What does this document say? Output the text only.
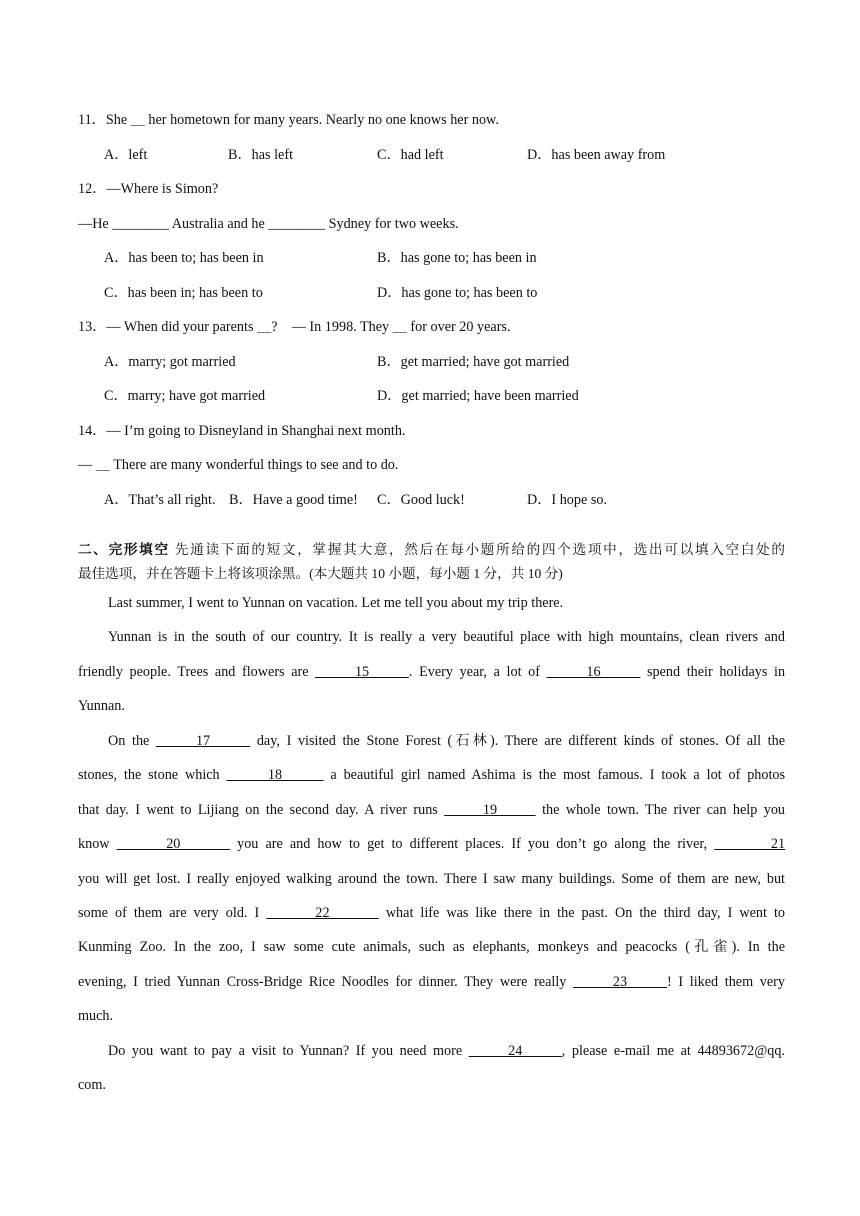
11．She ＿ her hometown for many years. Nearly no one knows her now.
A．left	B．has left	C．had left	D．has been away from
12．—Where is Simon?
—He ________ Australia and he ________ Sydney for two weeks.
A．has been to; has been in	B．has gone to; has been in
C．has been in; has been to	D．has gone to; has been to
13．— When did your parents ＿?　— In 1998. They ＿ for over 20 years.
A．marry; got married	B．get married; have got married
C．marry; have got married	D．get married; have been married
14．— I’m going to Disneyland in Shanghai next month.
— ＿ There are many wonderful things to see and to do.
A．That’s all right. B．Have a good time! C．Good luck!	D．I hope so.
二、完形填空 先通读下面的短文，掌握其大意，然后在每小题所给的四个选项中，选出可以填入空白处的
最佳选项，并在答题卡上将该项涂黑。(本大题共 10 小题，每小题 1 分，共 10 分)
Last summer, I went to Yunnan on vacation. Let me tell you about my trip there.
Yunnan is in the south of our country. It is really a very beautiful place with high mountains, clean rivers and
friendly people. Trees and flowers are       15      . Every year, a lot of       16       spend their holidays in
Yunnan.
On the       17       day, I visited the Stone Forest (石林). There are different kinds of stones. Of all the
stones, the stone which       18       a beautiful girl named Ashima is the most famous. I took a lot of photos
that day. I went to Lijiang on the second day. A river runs       19       the whole town. The river can help you
know        20        you are and how to get to different places. If you don’t go along the river,         21
you will get lost. I really enjoyed walking around the town. There I saw many buildings. Some of them are new, but
some of them are very old. I        22        what life was like there in the past. On the third day, I went to
Kunming Zoo. In the zoo, I saw some cute animals, such as elephants, monkeys and peacocks (孔雀). In the
evening, I tried Yunnan Cross-Bridge Rice Noodles for dinner. They were really       23      ! I liked them very
much.
Do you want to pay a visit to Yunnan? If you need more       24      , please e-mail me at 44893672@qq.
com.
